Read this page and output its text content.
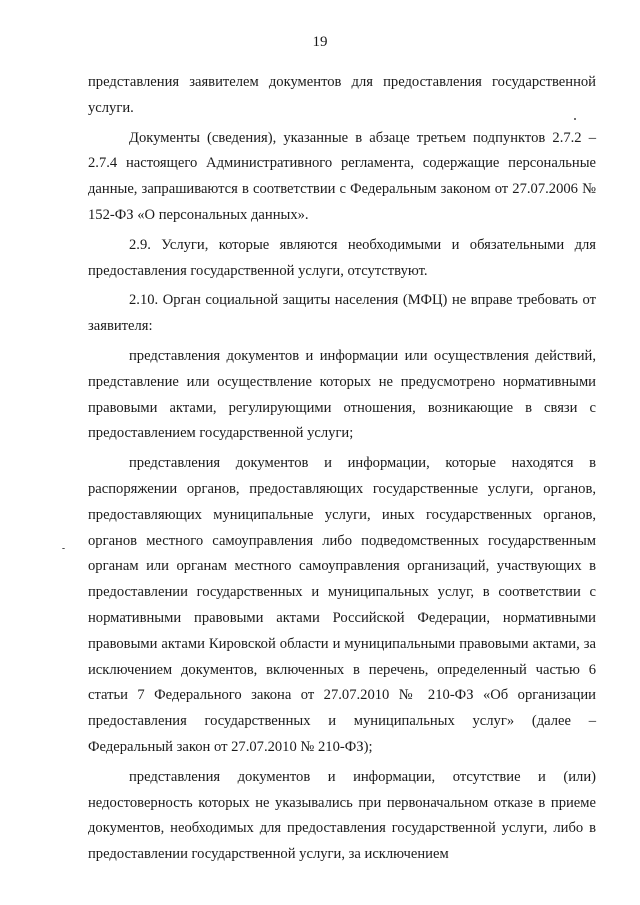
19

представления заявителем документов для предоставления государственной услуги.

Документы (сведения), указанные в абзаце третьем подпунктов 2.7.2 – 2.7.4 настоящего Административного регламента, содержащие персональные данные, запрашиваются в соответствии с Федеральным законом от 27.07.2006 № 152-ФЗ «О персональных данных».

2.9. Услуги, которые являются необходимыми и обязательными для предоставления государственной услуги, отсутствуют.

2.10. Орган социальной защиты населения (МФЦ) не вправе требовать от заявителя:

представления документов и информации или осуществления действий, представление или осуществление которых не предусмотрено нормативными правовыми актами, регулирующими отношения, возникающие в связи с предоставлением государственной услуги;

представления документов и информации, которые находятся в распоряжении органов, предоставляющих государственные услуги, органов, предоставляющих муниципальные услуги, иных государственных органов, органов местного самоуправления либо подведомственных государственным органам или органам местного самоуправления организаций, участвующих в предоставлении государственных и муниципальных услуг, в соответствии с нормативными правовыми актами Российской Федерации, нормативными правовыми актами Кировской области и муниципальными правовыми актами, за исключением документов, включенных в перечень, определенный частью 6 статьи 7 Федерального закона от 27.07.2010 № 210-ФЗ «Об организации предоставления государственных и муниципальных услуг» (далее – Федеральный закон от 27.07.2010 № 210-ФЗ);

представления документов и информации, отсутствие и (или) недостоверность которых не указывались при первоначальном отказе в приеме документов, необходимых для предоставления государственной услуги, либо в предоставлении государственной услуги, за исключением
